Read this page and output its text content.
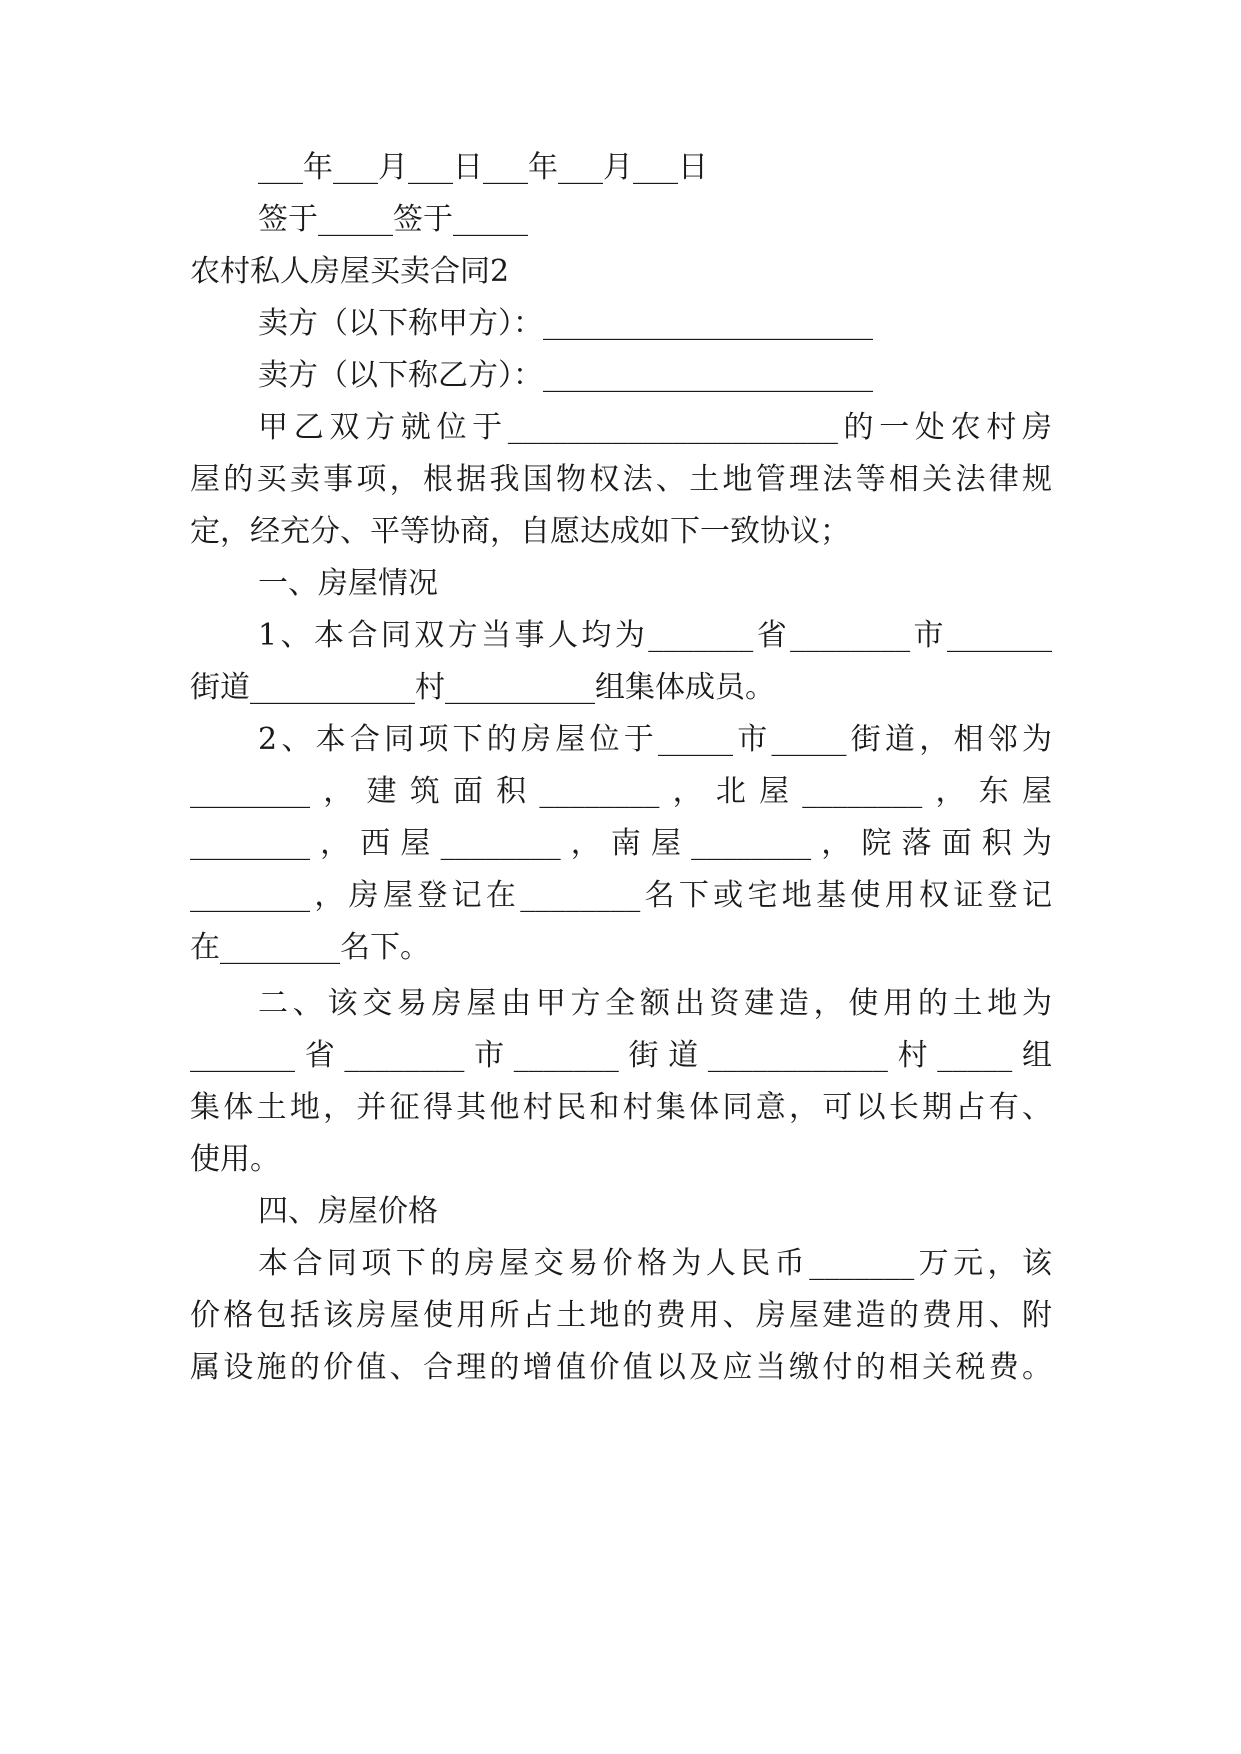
___年___月___日___年___月___日
签于_____签于_____
农村私人房屋买卖合同2
卖方（以下称甲方）：______________________
卖方（以下称乙方）：______________________
甲乙双方就位于______________________的一处农村房
屋的买卖事项，根据我国物权法、土地管理法等相关法律规
定，经充分、平等协商，自愿达成如下一致协议；
一、房屋情况
1、本合同双方当事人均为_______省________市_______
街道___________村__________组集体成员。
2、本合同项下的房屋位于_____市_____街道，相邻为
________，建筑面积________，北屋________，东屋
________，西屋________，南屋________，院落面积为
________，房屋登记在________名下或宅地基使用权证登记
在________名下。
二、该交易房屋由甲方全额出资建造，使用的土地为
_______省________市_______街道____________村_____组
集体土地，并征得其他村民和村集体同意，可以长期占有、
使用。
四、房屋价格
本合同项下的房屋交易价格为人民币_______万元，该
价格包括该房屋使用所占土地的费用、房屋建造的费用、附
属设施的价值、合理的增值价值以及应当缴付的相关税费。
